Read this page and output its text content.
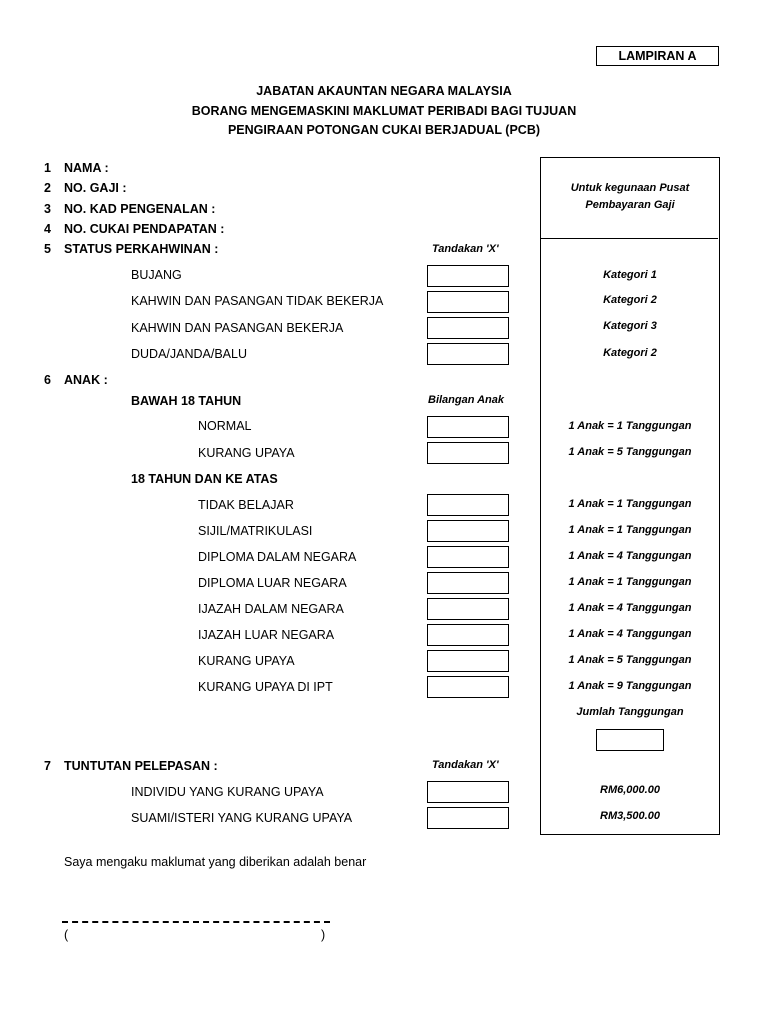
LAMPIRAN A
JABATAN AKAUNTAN NEGARA MALAYSIA
BORANG MENGEMASKINI MAKLUMAT PERIBADI BAGI TUJUAN
PENGIRAAN POTONGAN CUKAI BERJADUAL (PCB)
Untuk kegunaan Pusat
Pembayaran Gaji
1 NAMA :
2 NO. GAJI :
3 NO. KAD PENGENALAN :
4 NO. CUKAI PENDAPATAN :
5 STATUS PERKAHWINAN :	Tandakan 'X'
BUJANG	Kategori 1
KAHWIN DAN PASANGAN TIDAK BEKERJA	Kategori 2
KAHWIN DAN PASANGAN BEKERJA	Kategori 3
DUDA/JANDA/BALU	Kategori 2
6 ANAK :
BAWAH 18 TAHUN	Bilangan Anak
NORMAL	1 Anak = 1 Tanggungan
KURANG UPAYA	1 Anak = 5 Tanggungan
18 TAHUN DAN KE ATAS
TIDAK BELAJAR	1 Anak = 1 Tanggungan
SIJIL/MATRIKULASI	1 Anak = 1 Tanggungan
DIPLOMA DALAM NEGARA	1 Anak = 4 Tanggungan
DIPLOMA LUAR NEGARA	1 Anak = 1 Tanggungan
IJAZAH DALAM NEGARA	1 Anak = 4 Tanggungan
IJAZAH LUAR NEGARA	1 Anak = 4 Tanggungan
KURANG UPAYA	1 Anak = 5 Tanggungan
KURANG UPAYA DI IPT	1 Anak = 9 Tanggungan
Jumlah Tanggungan
7 TUNTUTAN PELEPASAN :	Tandakan 'X'
INDIVIDU YANG KURANG UPAYA	RM6,000.00
SUAMI/ISTERI YANG KURANG UPAYA	RM3,500.00
Saya mengaku maklumat yang diberikan adalah benar
(	)
